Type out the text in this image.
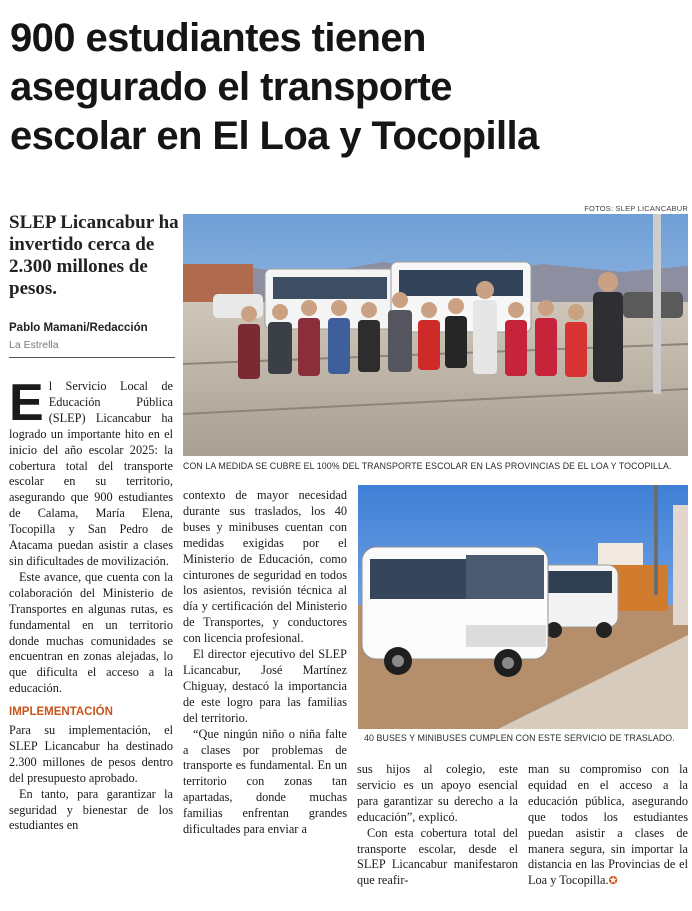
900 estudiantes tienen
asegurado el transporte
escolar en El Loa y Tocopilla
SLEP Licancabur ha invertido cerca de 2.300 millones de pesos.
Pablo Mamani/Redacción
La Estrella
FOTOS: SLEP LICANCABUR
CON LA MEDIDA SE CUBRE EL 100% DEL TRANSPORTE ESCOLAR EN LAS PROVINCIAS DE EL LOA Y TOCOPILLA.
40 BUSES Y MINIBUSES CUMPLEN CON ESTE SERVICIO DE TRASLADO.

El Servicio Local de Educación Pública (SLEP) Licancabur ha logrado un importante hito en el inicio del año escolar 2025: la cobertura total del transporte escolar en su territorio, asegurando que 900 estudiantes de Calama, María Elena, Tocopilla y San Pedro de Atacama puedan asistir a clases sin dificultades de movilización.

Este avance, que cuenta con la colaboración del Ministerio de Transportes en algunas rutas, es fundamental en un territorio donde muchas comunidades se encuentran en zonas alejadas, lo que dificulta el acceso a la educación.

IMPLEMENTACIÓN

Para su implementación, el SLEP Licancabur ha destinado 2.300 millones de pesos dentro del presupuesto aprobado.

En tanto, para garantizar la seguridad y bienestar de los estudiantes en

contexto de mayor necesidad durante sus traslados, los 40 buses y minibuses cuentan con medidas exigidas por el Ministerio de Educación, como cinturones de seguridad en todos los asientos, revisión técnica al día y certificación del Ministerio de Transportes, y conductores con licencia profesional.

El director ejecutivo del SLEP Licancabur, José Martínez Chiguay, destacó la importancia de este logro para las familias del territorio.

“Que ningún niño o niña falte a clases por problemas de transporte es fundamental. En un territorio con zonas tan apartadas, donde muchas familias enfrentan grandes dificultades para enviar a

sus hijos al colegio, este servicio es un apoyo esencial para garantizar su derecho a la educación”, explicó.

Con esta cobertura total del transporte escolar, desde el SLEP Licancabur manifestaron que reafir-

man su compromiso con la equidad en el acceso a la educación pública, asegurando que todos los estudiantes puedan asistir a clases de manera segura, sin importar la distancia en las Provincias de el Loa y Tocopilla.✪
